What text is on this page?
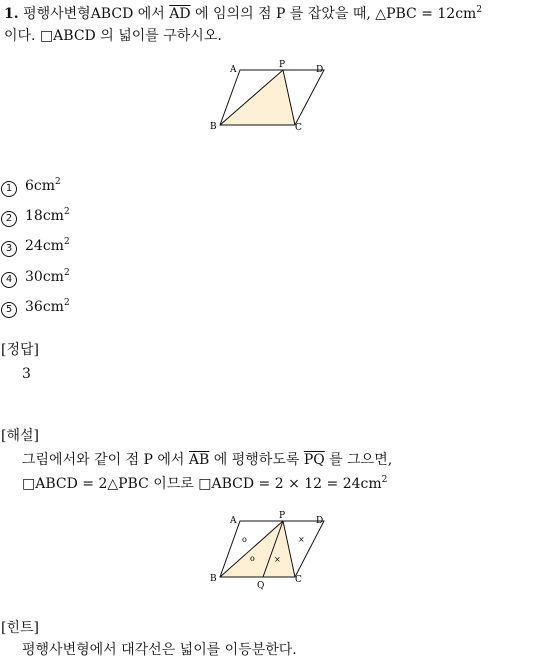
1. 평행사변형ABCD 에서 $\overline{AD}$ 에 임의의 점 P 를 잡았을 때, △PBC = $12cm^2$
이다. □ABCD 의 넓이를 구하시오.
A	P	D
B	C
1 $6cm^2$
2 $18cm^2$
3 $24cm^2$
4 $30cm^2$
5 $36cm^2$
[정답]
3
[해설]
그림에서와 같이 점 P 에서 $\overline{AB}$ 에 평행하도록 $\overline{PQ}$ 를 그으면,
□ABCD = 2△PBC 이므로 □ABCD = $2 \times 12 = 24cm^2$
A	P	D
B	C
Q
o	×
o ×
[힌트]
평행사변형에서 대각선은 넓이를 이등분한다.
